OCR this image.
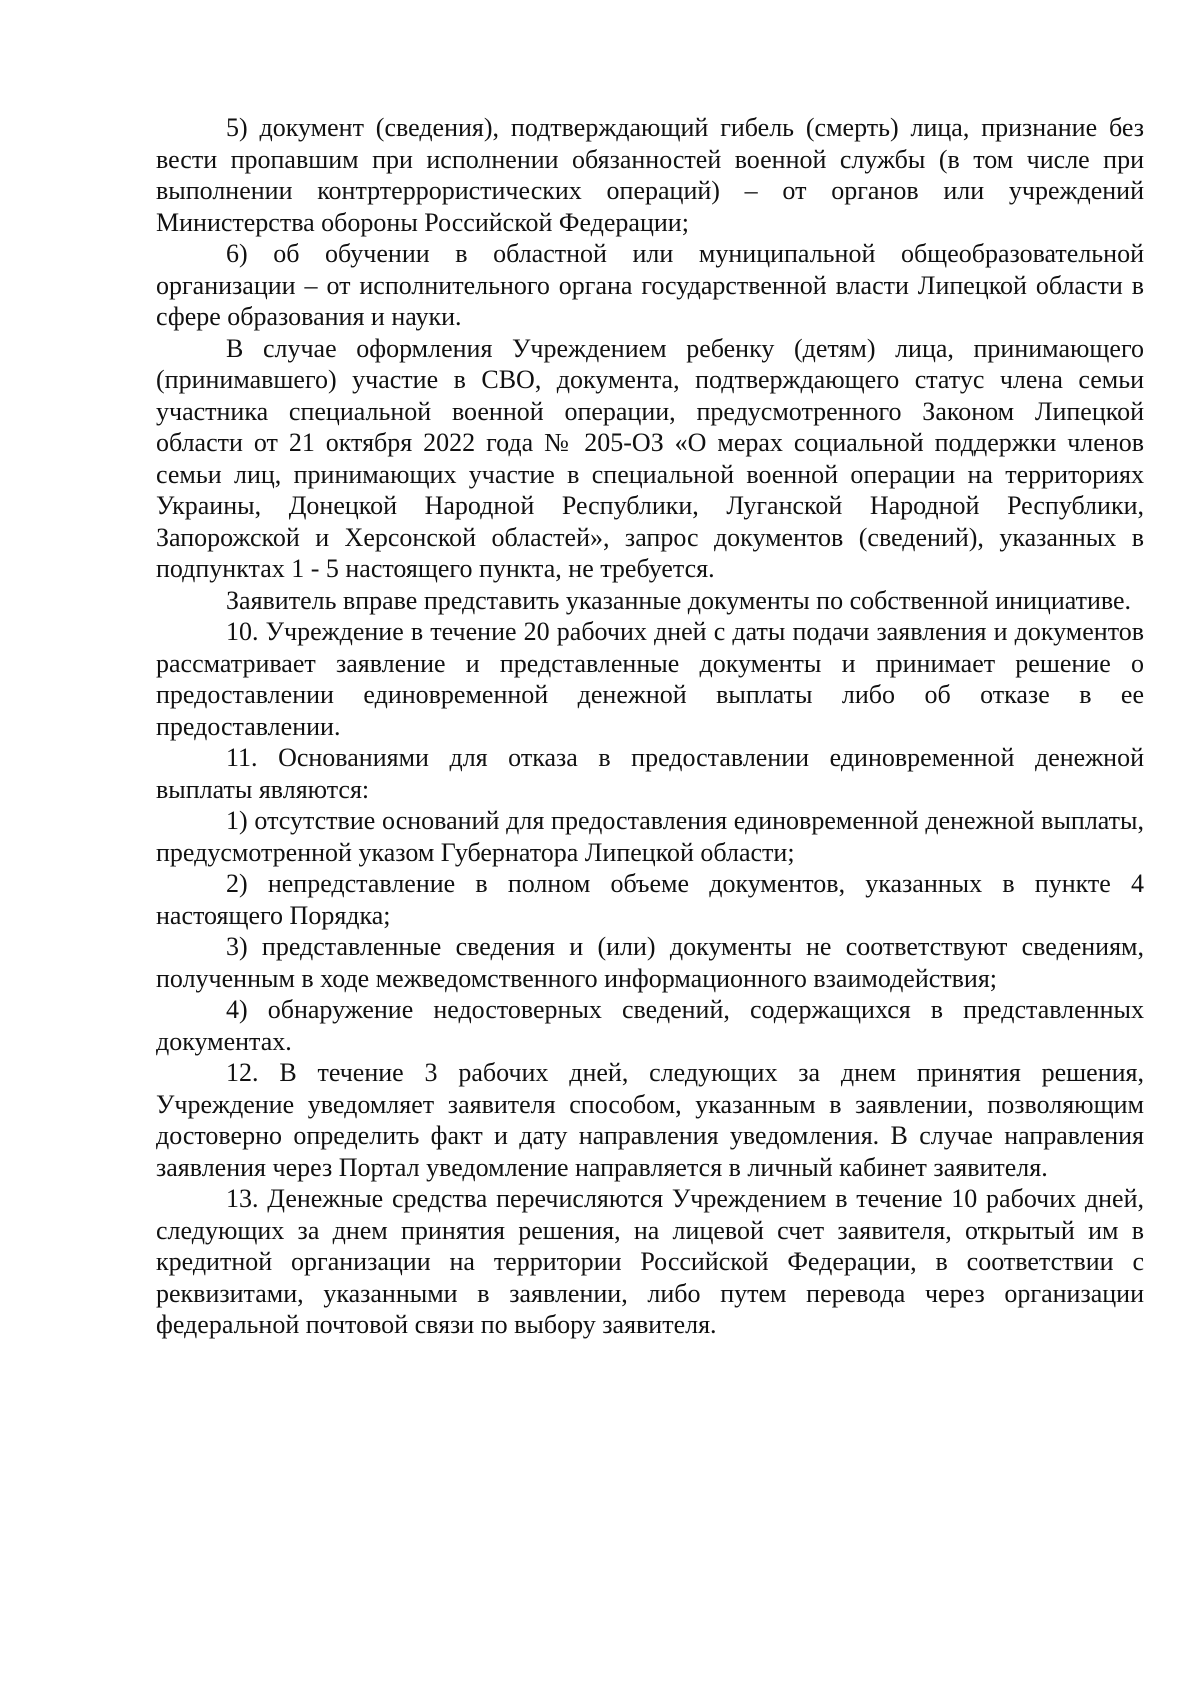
5) документ (сведения), подтверждающий гибель (смерть) лица, признание без вести пропавшим при исполнении обязанностей военной службы (в том числе при выполнении контртеррористических операций) – от органов или учреждений Министерства обороны Российской Федерации;

6) об обучении в областной или муниципальной общеобразовательной организации – от исполнительного органа государственной власти Липецкой области в сфере образования и науки.

В случае оформления Учреждением ребенку (детям) лица, принимающего (принимавшего) участие в СВО, документа, подтверждающего статус члена семьи участника специальной военной операции, предусмотренного Законом Липецкой области от 21 октября 2022 года № 205-ОЗ «О мерах социальной поддержки членов семьи лиц, принимающих участие в специальной военной операции на территориях Украины, Донецкой Народной Республики, Луганской Народной Республики, Запорожской и Херсонской областей», запрос документов (сведений), указанных в подпунктах 1 - 5 настоящего пункта, не требуется.

Заявитель вправе представить указанные документы по собственной инициативе.

10. Учреждение в течение 20 рабочих дней с даты подачи заявления и документов рассматривает заявление и представленные документы и принимает решение о предоставлении единовременной денежной выплаты либо об отказе в ее предоставлении.

11. Основаниями для отказа в предоставлении единовременной денежной выплаты являются:

1) отсутствие оснований для предоставления единовременной денежной выплаты, предусмотренной указом Губернатора Липецкой области;

2) непредставление в полном объеме документов, указанных в пункте 4 настоящего Порядка;

3) представленные сведения и (или) документы не соответствуют сведениям, полученным в ходе межведомственного информационного взаимодействия;

4) обнаружение недостоверных сведений, содержащихся в представленных документах.

12. В течение 3 рабочих дней, следующих за днем принятия решения, Учреждение уведомляет заявителя способом, указанным в заявлении, позволяющим достоверно определить факт и дату направления уведомления. В случае направления заявления через Портал уведомление направляется в личный кабинет заявителя.

13. Денежные средства перечисляются Учреждением в течение 10 рабочих дней, следующих за днем принятия решения, на лицевой счет заявителя, открытый им в кредитной организации на территории Российской Федерации, в соответствии с реквизитами, указанными в заявлении, либо путем перевода через организации федеральной почтовой связи по выбору заявителя.
